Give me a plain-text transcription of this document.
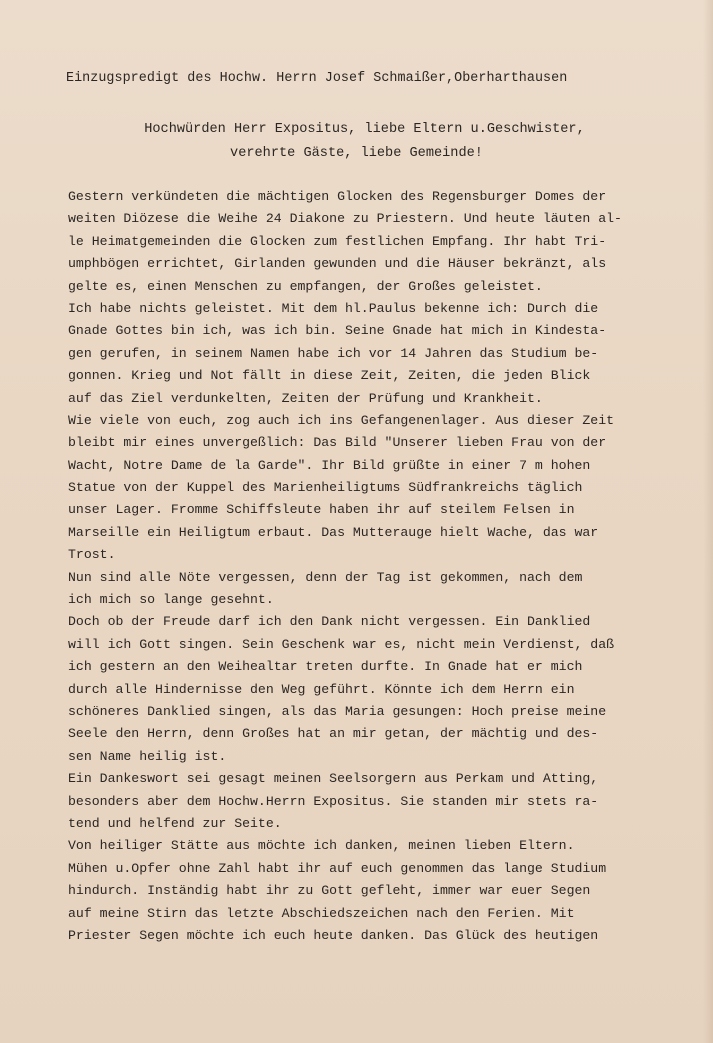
Einzugspredigt des Hochw. Herrn Josef Schmaißer,Oberharthausen
Hochwürden Herr Expositus, liebe Eltern u.Geschwister,
verehrte Gäste, liebe Gemeinde!
Gestern verkündeten die mächtigen Glocken des Regensburger Domes der
weiten Diözese die Weihe 24 Diakone zu Priestern. Und heute läuten al-
le Heimatgemeinden die Glocken zum festlichen Empfang. Ihr habt Tri-
umphbögen errichtet, Girlanden gewunden und die Häuser bekränzt, als
gelte es, einen Menschen zu empfangen, der Großes geleistet.
Ich habe nichts geleistet. Mit dem hl.Paulus bekenne ich: Durch die
Gnade Gottes bin ich, was ich bin. Seine Gnade hat mich in Kindesta-
gen gerufen, in seinem Namen habe ich vor 14 Jahren das Studium be-
gonnen. Krieg und Not fällt in diese Zeit, Zeiten, die jeden Blick
auf das Ziel verdunkelten, Zeiten der Prüfung und Krankheit.
Wie viele von euch, zog auch ich ins Gefangenenlager. Aus dieser Zeit
bleibt mir eines unvergeßlich: Das Bild "Unserer lieben Frau von der
Wacht, Notre Dame de la Garde". Ihr Bild grüßte in einer 7 m hohen
Statue von der Kuppel des Marienheiligtums Südfrankreichs täglich
unser Lager. Fromme Schiffsleute haben ihr auf steilem Felsen in
Marseille ein Heiligtum erbaut. Das Mutterauge hielt Wache, das war
Trost.
Nun sind alle Nöte vergessen, denn der Tag ist gekommen, nach dem
ich mich so lange gesehnt.
Doch ob der Freude darf ich den Dank nicht vergessen. Ein Danklied
will ich Gott singen. Sein Geschenk war es, nicht mein Verdienst, daß
ich gestern an den Weihealtar treten durfte. In Gnade hat er mich
durch alle Hindernisse den Weg geführt. Könnte ich dem Herrn ein
schöneres Danklied singen, als das Maria gesungen: Hoch preise meine
Seele den Herrn, denn Großes hat an mir getan, der mächtig und des-
sen Name heilig ist.
Ein Dankeswort sei gesagt meinen Seelsorgern aus Perkam und Atting,
besonders aber dem Hochw.Herrn Expositus. Sie standen mir stets ra-
tend und helfend zur Seite.
Von heiliger Stätte aus möchte ich danken, meinen lieben Eltern.
Mühen u.Opfer ohne Zahl habt ihr auf euch genommen das lange Studium
hindurch. Inständig habt ihr zu Gott gefleht, immer war euer Segen
auf meine Stirn das letzte Abschiedszeichen nach den Ferien. Mit
Priester Segen möchte ich euch heute danken. Das Glück des heutigen
